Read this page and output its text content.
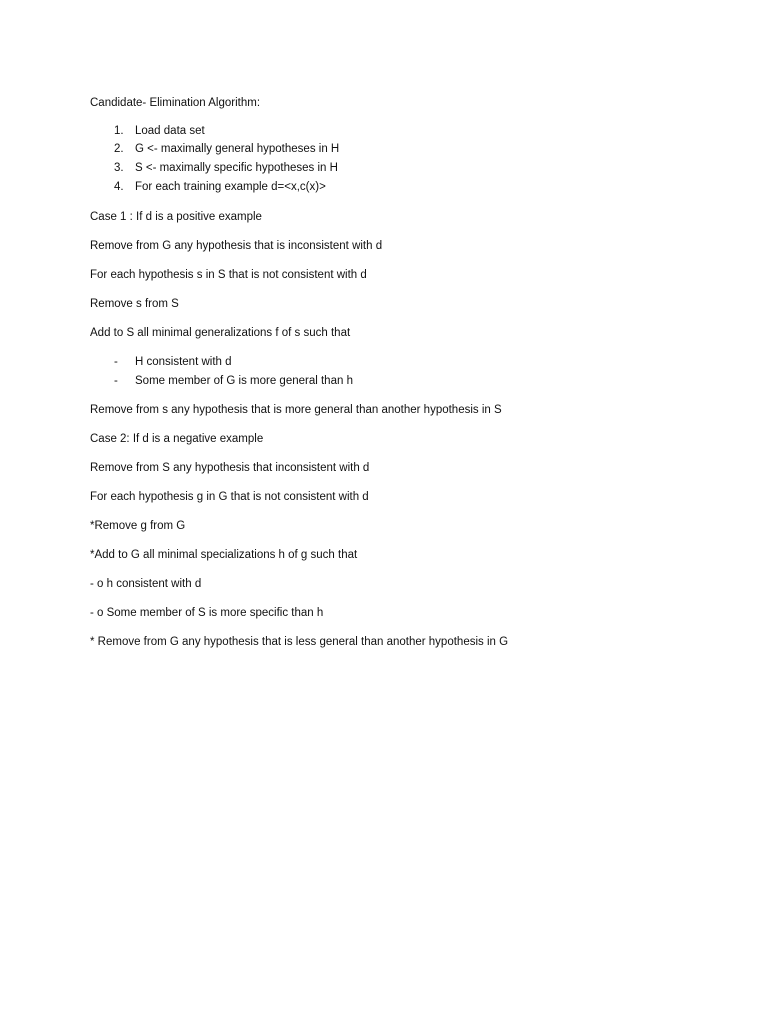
Candidate- Elimination Algorithm:
1. Load data set
2. G <- maximally general hypotheses in H
3. S <- maximally specific hypotheses in H
4. For each training example d=<x,c(x)>
Case 1 : If d is a positive example
Remove from G any hypothesis that is inconsistent with d
For each hypothesis s in S that is not consistent with d
Remove s from S
Add to S all minimal generalizations f of s such that
- H consistent with d
- Some member of G is more general than h
Remove from s any hypothesis that is more general than another hypothesis in S
Case 2: If d is a negative example
Remove from S any hypothesis that inconsistent with d
For each hypothesis g in G that is not consistent with d
*Remove g from G
*Add to G all minimal specializations h of g such that
- o h consistent with d
- o Some member of S is more specific than h
* Remove from G any hypothesis that is less general than another hypothesis in G
